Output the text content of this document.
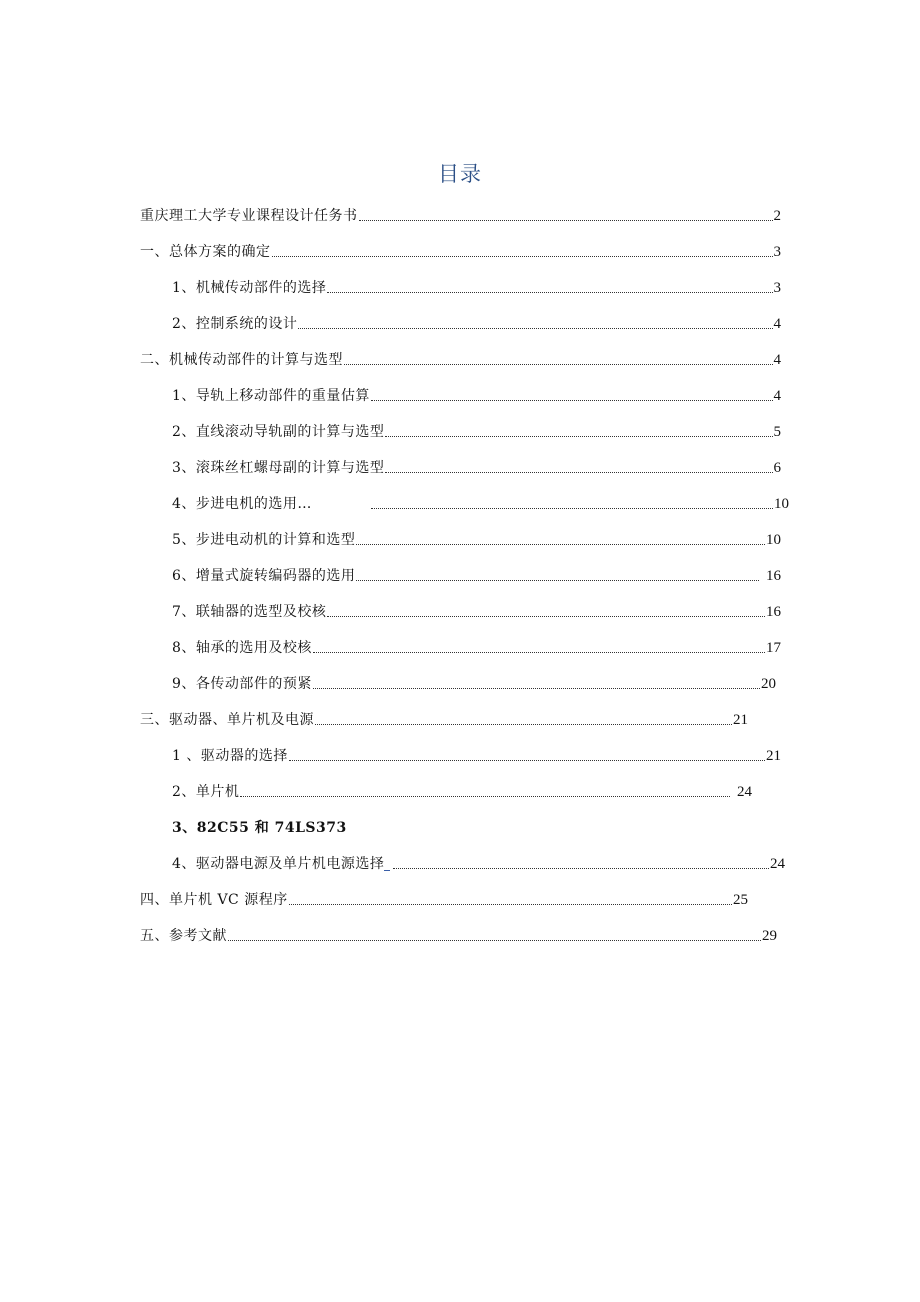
目录
重庆理工大学专业课程设计任务书	2
一、总体方案的确定	3
1、机械传动部件的选择	3
2、控制系统的设计	4
二、机械传动部件的计算与选型	4
1、导轨上移动部件的重量估算	4
2、直线滚动导轨副的计算与选型	5
3、滚珠丝杠螺母副的计算与选型	6
4、步进电机的选用…	10
5、步进电动机的计算和选型	10
6、增量式旋转编码器的选用	16
7、联轴器的选型及校核	16
8、轴承的选用及校核	17
9、各传动部件的预紧	20
三、驱动器、单片机及电源	21
1 、驱动器的选择	21
2、单片机	24
3、82C55 和 74LS373
4、驱动器电源及单片机电源选择	24
四、单片机 VC 源程序	25
五、参考文献	29
